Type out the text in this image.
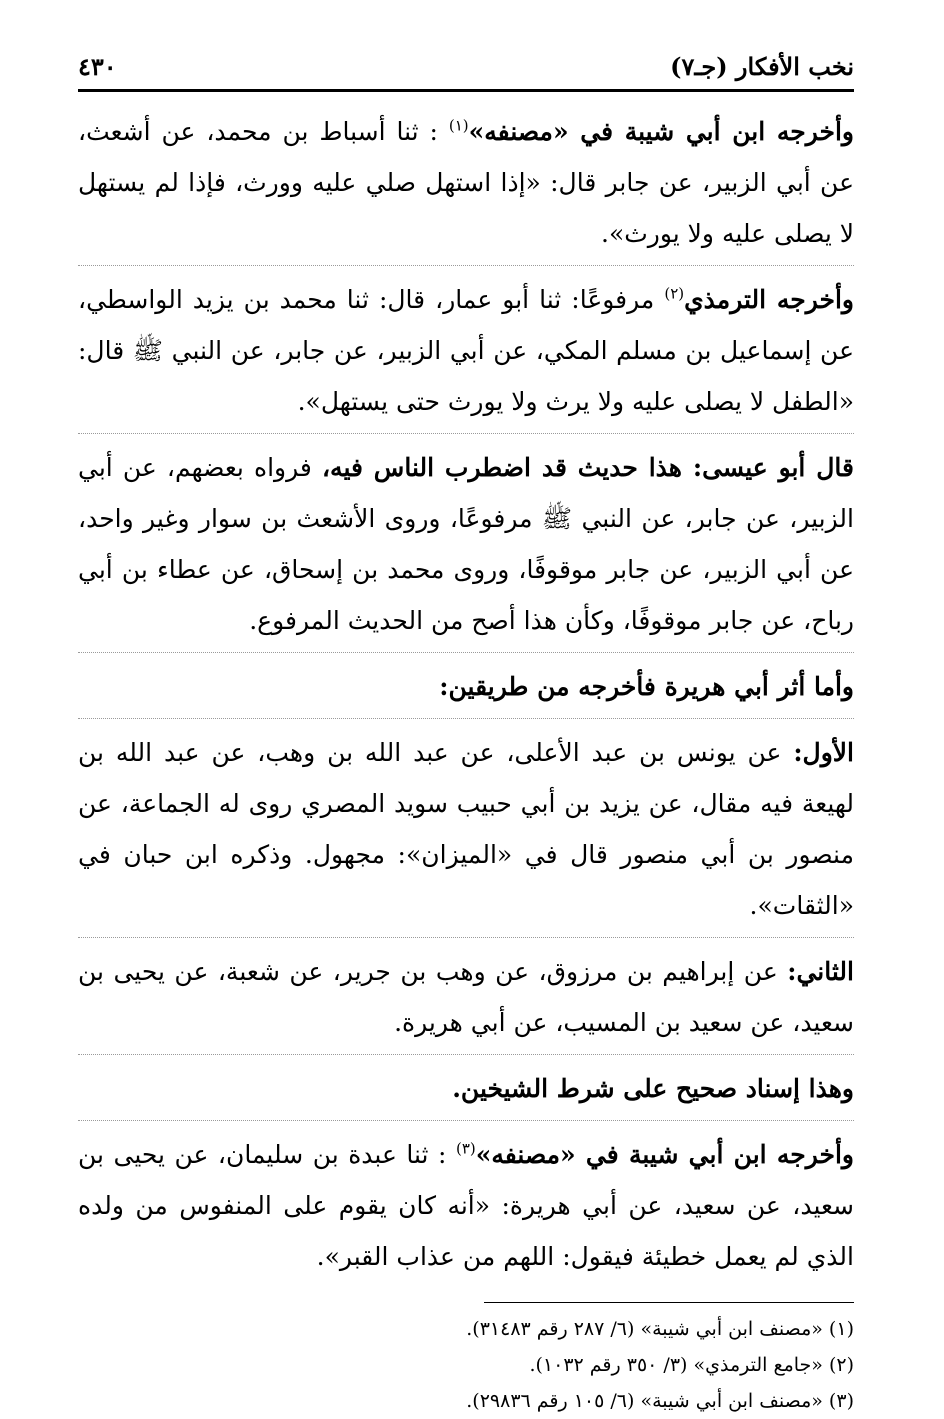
نخب الأفكار (جـ٧)
٤٣٠

وأخرجه ابن أبي شيبة في «مصنفه»$^{(١)}$ : ثنا أسباط بن محمد، عن أشعث، عن أبي الزبير، عن جابر قال: «إذا استهل صلي عليه وورث، فإذا لم يستهل لا يصلى عليه ولا يورث».

وأخرجه الترمذي$^{(٢)}$ مرفوعًا: ثنا أبو عمار، قال: ثنا محمد بن يزيد الواسطي، عن إسماعيل بن مسلم المكي، عن أبي الزبير، عن جابر، عن النبي ﷺ قال: «الطفل لا يصلى عليه ولا يرث ولا يورث حتى يستهل».

قال أبو عيسى: هذا حديث قد اضطرب الناس فيه، فرواه بعضهم، عن أبي الزبير، عن جابر، عن النبي ﷺ مرفوعًا، وروى الأشعث بن سوار وغير واحد، عن أبي الزبير، عن جابر موقوفًا، وروى محمد بن إسحاق، عن عطاء بن أبي رباح، عن جابر موقوفًا، وكأن هذا أصح من الحديث المرفوع.

وأما أثر أبي هريرة فأخرجه من طريقين:

الأول: عن يونس بن عبد الأعلى، عن عبد الله بن وهب، عن عبد الله بن لهيعة فيه مقال، عن يزيد بن أبي حبيب سويد المصري روى له الجماعة، عن منصور بن أبي منصور قال في «الميزان»: مجهول. وذكره ابن حبان في «الثقات».

الثاني: عن إبراهيم بن مرزوق، عن وهب بن جرير، عن شعبة، عن يحيى بن سعيد، عن سعيد بن المسيب، عن أبي هريرة.

وهذا إسناد صحيح على شرط الشيخين.

وأخرجه ابن أبي شيبة في «مصنفه»$^{(٣)}$ : ثنا عبدة بن سليمان، عن يحيى بن سعيد، عن سعيد، عن أبي هريرة: «أنه كان يقوم على المنفوس من ولده الذي لم يعمل خطيئة فيقول: اللهم من عذاب القبر».

(١) «مصنف ابن أبي شيبة» (٦/ ٢٨٧ رقم ٣١٤٨٣).
(٢) «جامع الترمذي» (٣/ ٣٥٠ رقم ١٠٣٢).
(٣) «مصنف ابن أبي شيبة» (٦/ ١٠٥ رقم ٢٩٨٣٦).
